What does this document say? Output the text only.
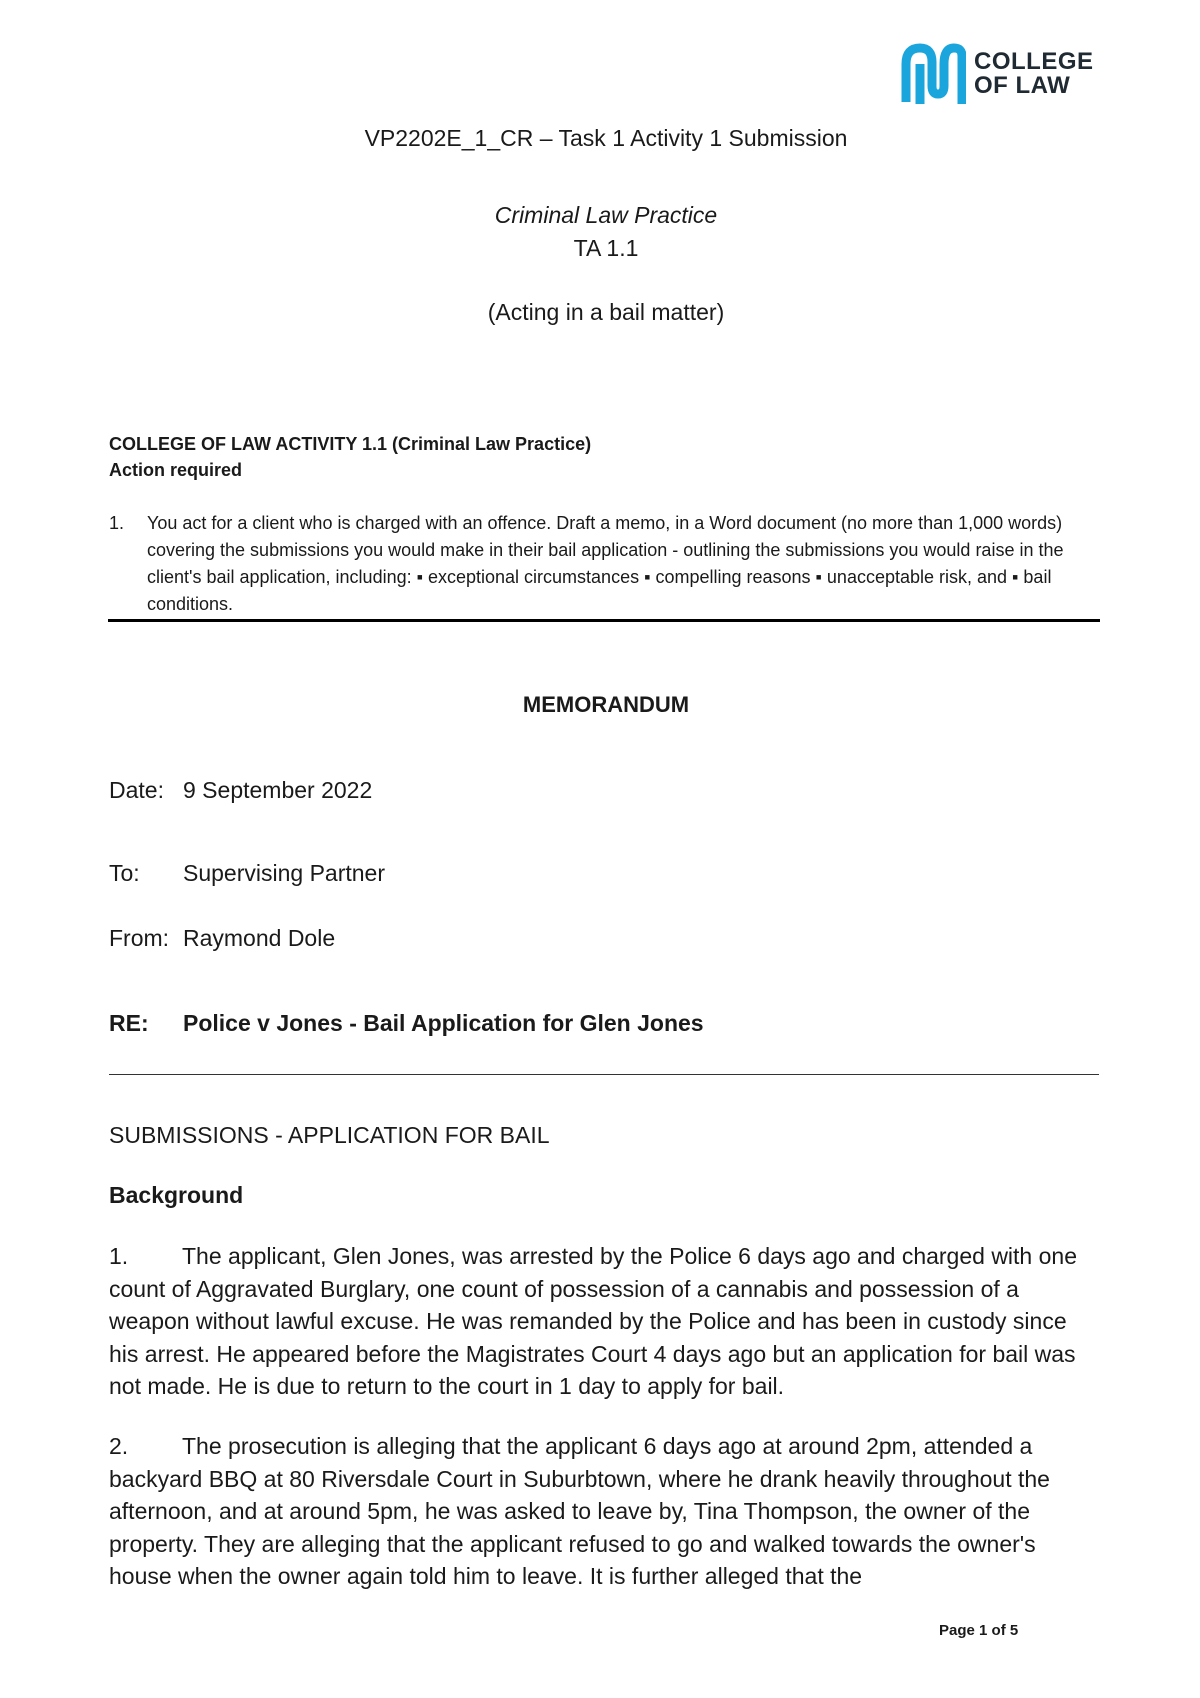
COLLEGE
OF LAW
VP2202E_1_CR – Task 1 Activity 1 Submission
Criminal Law Practice
TA 1.1
(Acting in a bail matter)
COLLEGE OF LAW ACTIVITY 1.1 (Criminal Law Practice)
Action required
1. You act for a client who is charged with an offence. Draft a memo, in a Word document (no more than 1,000 words) covering the submissions you would make in their bail application - outlining the submissions you would raise in the client's bail application, including: ▪ exceptional circumstances ▪ compelling reasons ▪ unacceptable risk, and ▪ bail conditions.
MEMORANDUM
Date: 9 September 2022
To: Supervising Partner
From: Raymond Dole
RE: Police v Jones - Bail Application for Glen Jones
SUBMISSIONS - APPLICATION FOR BAIL
Background
1. The applicant, Glen Jones, was arrested by the Police 6 days ago and charged with one count of Aggravated Burglary, one count of possession of a cannabis and possession of a weapon without lawful excuse. He was remanded by the Police and has been in custody since his arrest. He appeared before the Magistrates Court 4 days ago but an application for bail was not made. He is due to return to the court in 1 day to apply for bail.
2. The prosecution is alleging that the applicant 6 days ago at around 2pm, attended a backyard BBQ at 80 Riversdale Court in Suburbtown, where he drank heavily throughout the afternoon, and at around 5pm, he was asked to leave by, Tina Thompson, the owner of the property. They are alleging that the applicant refused to go and walked towards the owner's house when the owner again told him to leave. It is further alleged that the
Page 1 of 5
